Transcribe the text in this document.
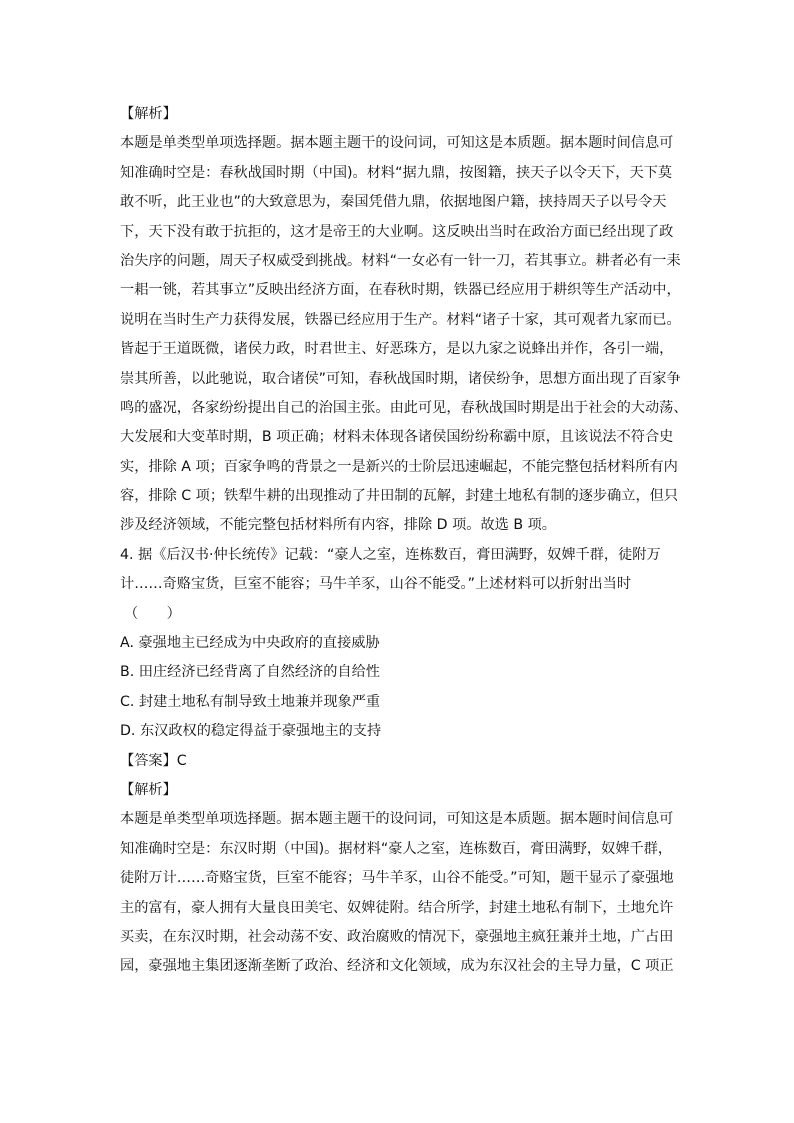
【解析】
本题是单类型单项选择题。据本题主题干的设问词，可知这是本质题。据本题时间信息可
知准确时空是：春秋战国时期（中国)。材料“据九鼎，按图籍，挟天子以令天下，天下莫
敢不听，此王业也”的大致意思为，秦国凭借九鼎，依据地图户籍，挟持周天子以号令天
下，天下没有敢于抗拒的，这才是帝王的大业啊。这反映出当时在政治方面已经出现了政
治失序的问题，周天子权威受到挑战。材料“一女必有一针一刀，若其事立。耕者必有一耒
一耜一铫，若其事立”反映出经济方面，在春秋时期，铁器已经应用于耕织等生产活动中，
说明在当时生产力获得发展，铁器已经应用于生产。材料“诸子十家，其可观者九家而已。
皆起于王道既微，诸侯力政，时君世主、好恶珠方，是以九家之说蜂出并作，各引一端，
崇其所善，以此驰说，取合诸侯”可知，春秋战国时期，诸侯纷争，思想方面出现了百家争
鸣的盛况，各家纷纷提出自己的治国主张。由此可见，春秋战国时期是出于社会的大动荡、
大发展和大变革时期，B 项正确；材料未体现各诸侯国纷纷称霸中原，且该说法不符合史
实，排除 A 项；百家争鸣的背景之一是新兴的士阶层迅速崛起，不能完整包括材料所有内
容，排除 C 项；铁犁牛耕的出现推动了井田制的瓦解，封建土地私有制的逐步确立，但只
涉及经济领域，不能完整包括材料所有内容，排除 D 项。故选 B 项。
4. 据《后汉书·仲长统传》记载：“豪人之室，连栋数百，膏田满野，奴婢千群，徒附万
计……奇赂宝货，巨室不能容；马牛羊豕，山谷不能受。”上述材料可以折射出当时
（　　）
A. 豪强地主已经成为中央政府的直接威胁
B. 田庄经济已经背离了自然经济的自给性
C. 封建土地私有制导致土地兼并现象严重
D. 东汉政权的稳定得益于豪强地主的支持
【答案】C
【解析】
本题是单类型单项选择题。据本题主题干的设问词，可知这是本质题。据本题时间信息可
知准确时空是：东汉时期（中国)。据材料“豪人之室，连栋数百，膏田满野，奴婢千群，
徒附万计……奇赂宝货，巨室不能容；马牛羊豕，山谷不能受。”可知，题干显示了豪强地
主的富有，豪人拥有大量良田美宅、奴婢徒附。结合所学，封建土地私有制下，土地允许
买卖，在东汉时期，社会动荡不安、政治腐败的情况下，豪强地主疯狂兼并土地，广占田
园，豪强地主集团逐渐垄断了政治、经济和文化领域，成为东汉社会的主导力量，C 项正
